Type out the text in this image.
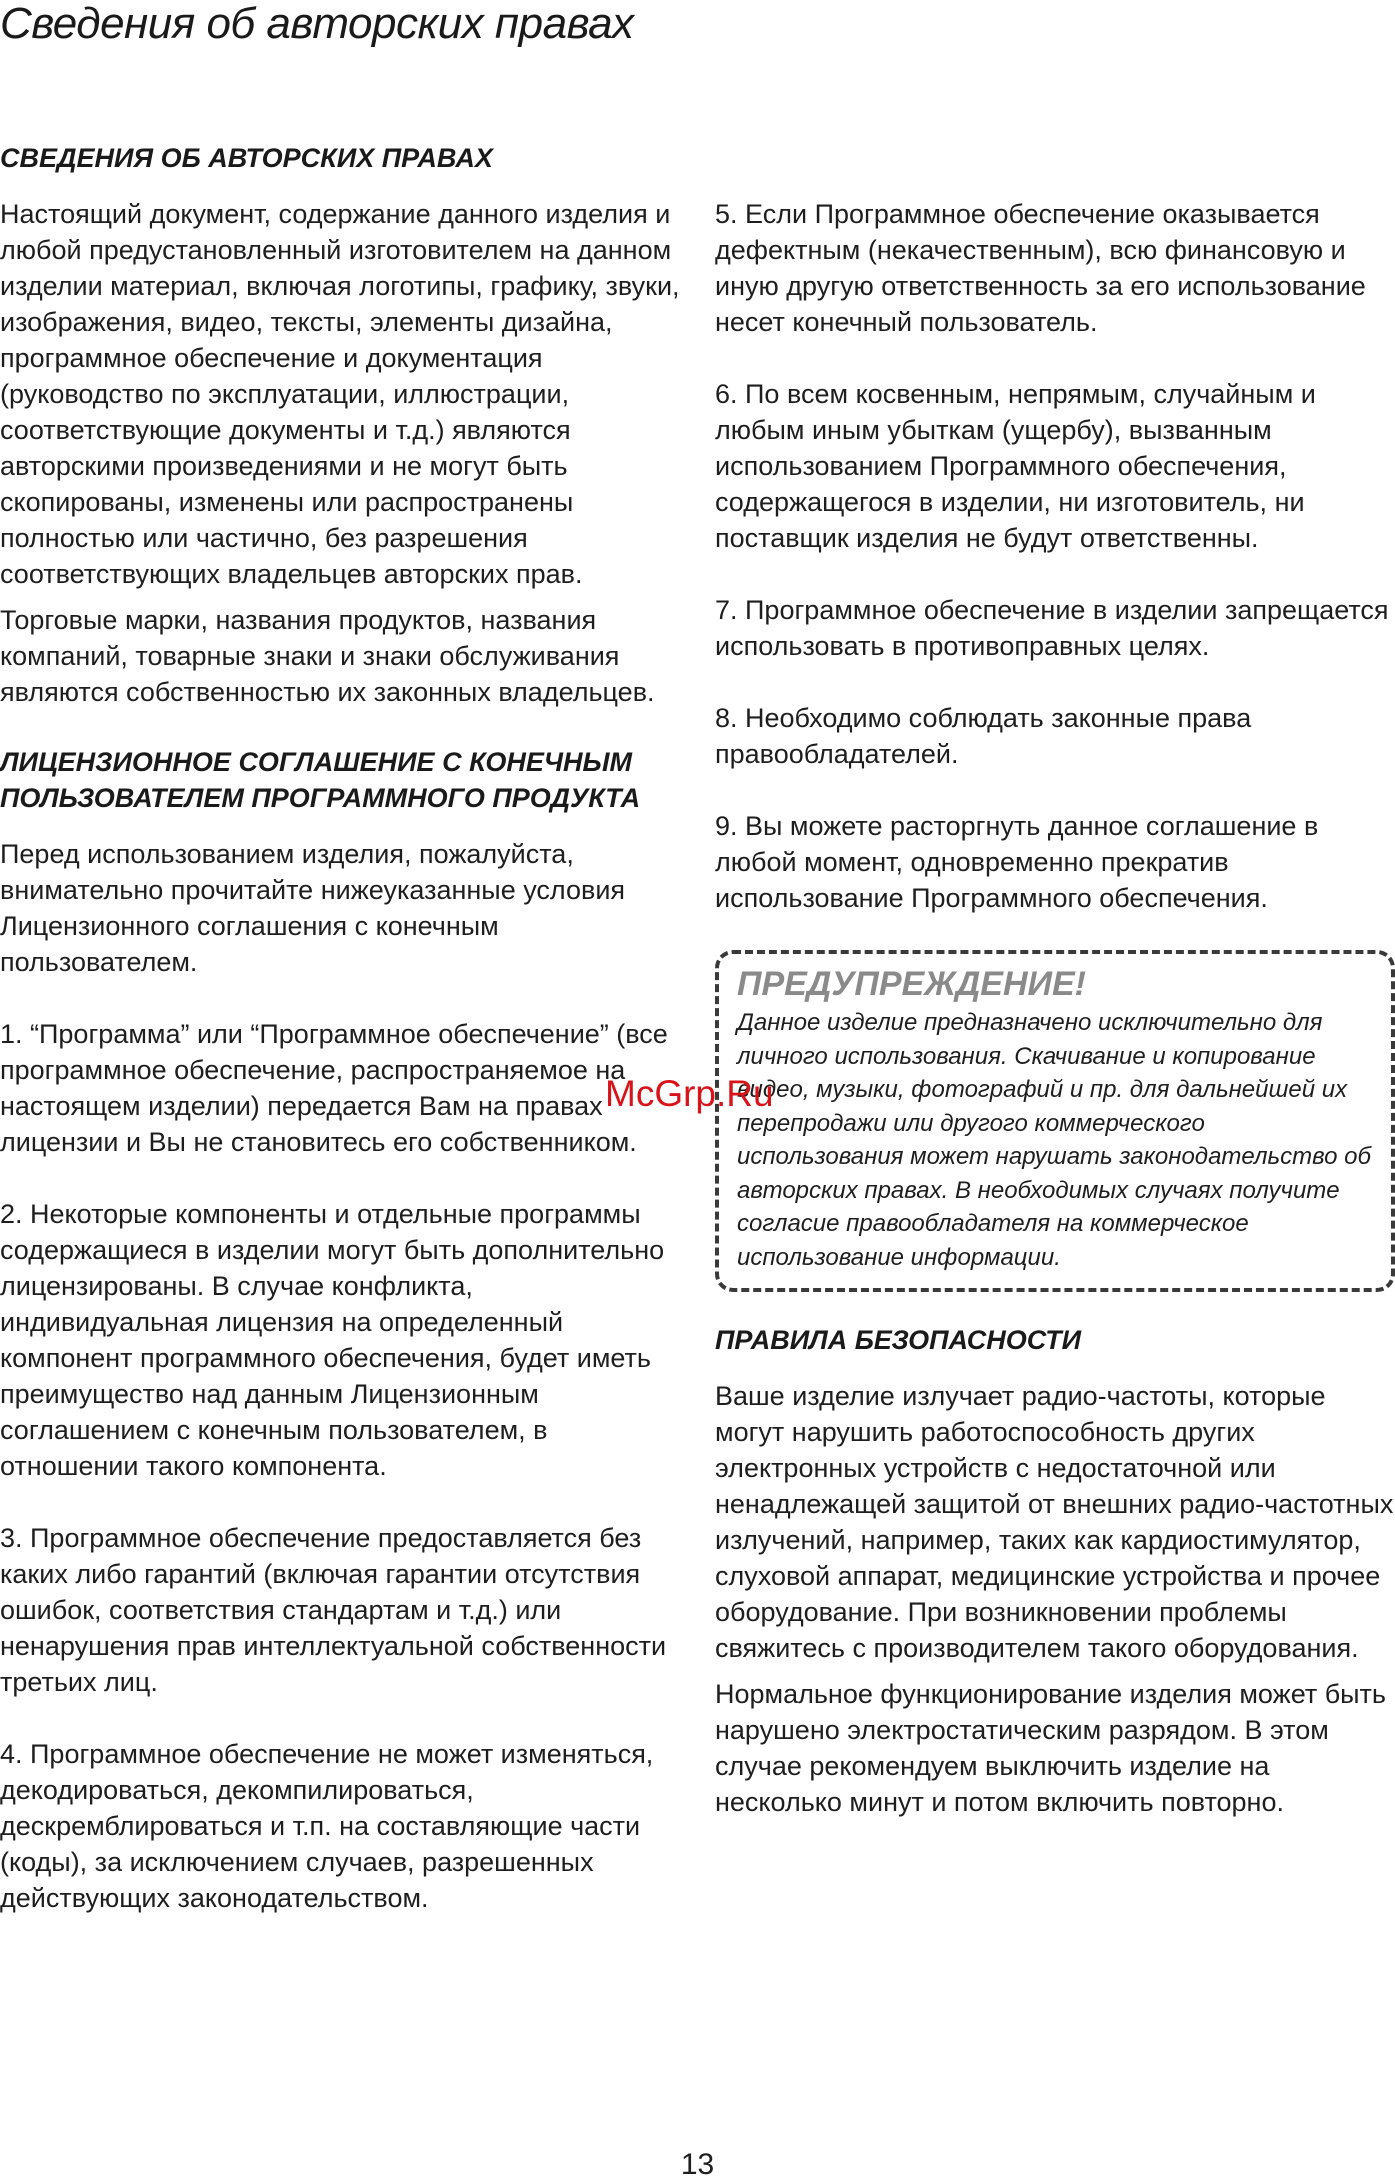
Сведения об авторских правах
СВЕДЕНИЯ ОБ АВТОРСКИХ ПРАВАХ

Настоящий документ, содержание данного изделия и любой предустановленный изготовителем на данном изделии материал, включая логотипы, графику, звуки, изображения, видео, тексты, элементы дизайна, программное обеспечение и документация (руководство по эксплуатации, иллюстрации, соответствующие документы и т.д.) являются авторскими произведениями и не могут быть скопированы, изменены или распространены полностью или частично, без разрешения соответствующих владельцев авторских прав.

Торговые марки, названия продуктов, названия компаний, товарные знаки и знаки обслуживания являются собственностью их законных владельцев.

ЛИЦЕНЗИОННОЕ СОГЛАШЕНИЕ С КОНЕЧНЫМ ПОЛЬЗОВАТЕЛЕМ ПРОГРАММНОГО ПРОДУКТА

Перед использованием изделия, пожалуйста, внимательно прочитайте нижеуказанные условия Лицензионного соглашения с конечным пользователем.

1. “Программа” или “Программное обеспечение” (все программное обеспечение, распространяемое на настоящем изделии) передается Вам на правах лицензии и Вы не становитесь его собственником.

2. Некоторые компоненты и отдельные программы содержащиеся в изделии могут быть дополнительно лицензированы. В случае конфликта, индивидуальная лицензия на определенный компонент программного обеспечения, будет иметь преимущество над данным Лицензионным соглашением с конечным пользователем, в отношении такого компонента.

3. Программное обеспечение предоставляется без каких либо гарантий (включая гарантии отсутствия ошибок, соответствия стандартам и т.д.) или ненарушения прав интеллектуальной собственности третьих лиц.

4. Программное обеспечение не может изменяться, декодироваться, декомпилироваться, дескремблироваться и т.п. на составляющие части (коды), за исключением случаев, разрешенных действующих законодательством.

5. Если Программное обеспечение оказывается дефектным (некачественным), всю финансовую и иную другую ответственность за его использование несет конечный пользователь.

6. По всем косвенным, непрямым, случайным и любым иным убыткам (ущербу), вызванным использованием Программного обеспечения, содержащегося в изделии, ни изготовитель, ни поставщик изделия не будут ответственны.

7. Программное обеспечение в изделии запрещается использовать в противоправных целях.

8. Необходимо соблюдать законные права правообладателей.

9. Вы можете расторгнуть данное соглашение в любой момент, одновременно прекратив использование Программного обеспечения.

ПРЕДУПРЕЖДЕНИЕ!

Данное изделие предназначено исключительно для личного использования. Скачивание и копирование видео, музыки, фотографий и пр. для дальнейшей их перепродажи или другого коммерческого использования может нарушать законодательство об авторских правах. В необходимых случаях получите согласие правообладателя на коммерческое использование информации.

ПРАВИЛА БЕЗОПАСНОСТИ

Ваше изделие излучает радио-частоты, которые могут нарушить работоспособность других электронных устройств с недостаточной или ненадлежащей защитой от внешних радио-частотных излучений, например, таких как кардиостимулятор, слуховой аппарат, медицинские устройства и прочее оборудование. При возникновении проблемы свяжитесь с производителем такого оборудования.

Нормальное функционирование изделия может быть нарушено электростатическим разрядом. В этом случае рекомендуем выключить изделие на несколько минут и потом включить повторно.

McGrp.Ru

13
